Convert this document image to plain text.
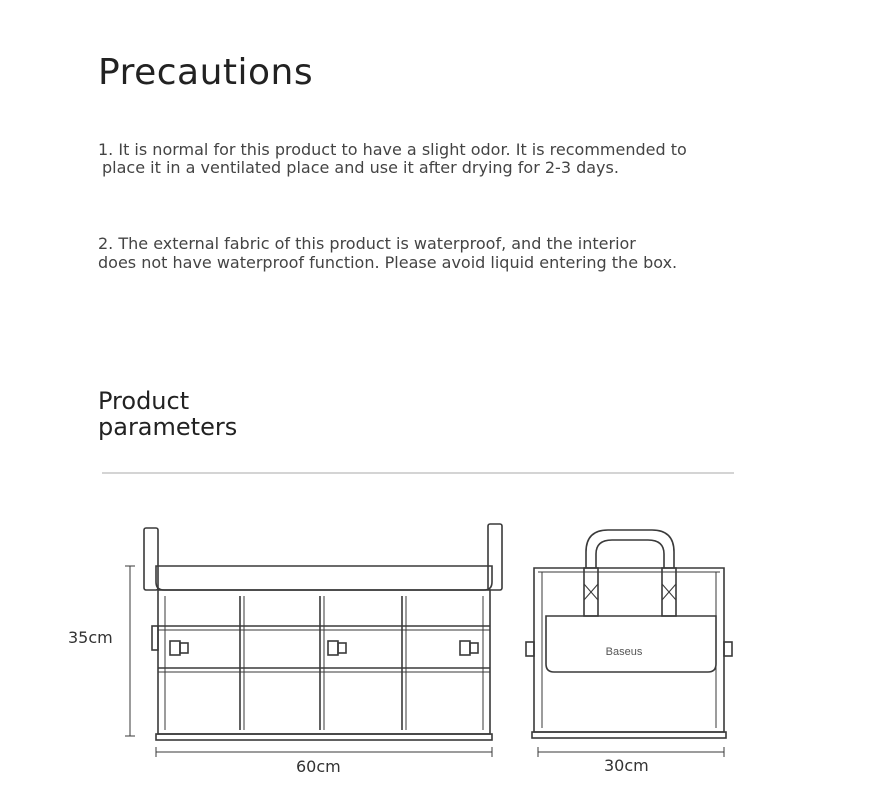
Precautions

1. It is normal for this product to have a slight odor. It is recommended to

place it in a ventilated place and use it after drying for 2-3 days.

2. The external fabric of this product is waterproof, and the interior

does not have waterproof function. Please avoid liquid entering the box.

Product
parameters
Baseus
35cm
60cm	30cm
